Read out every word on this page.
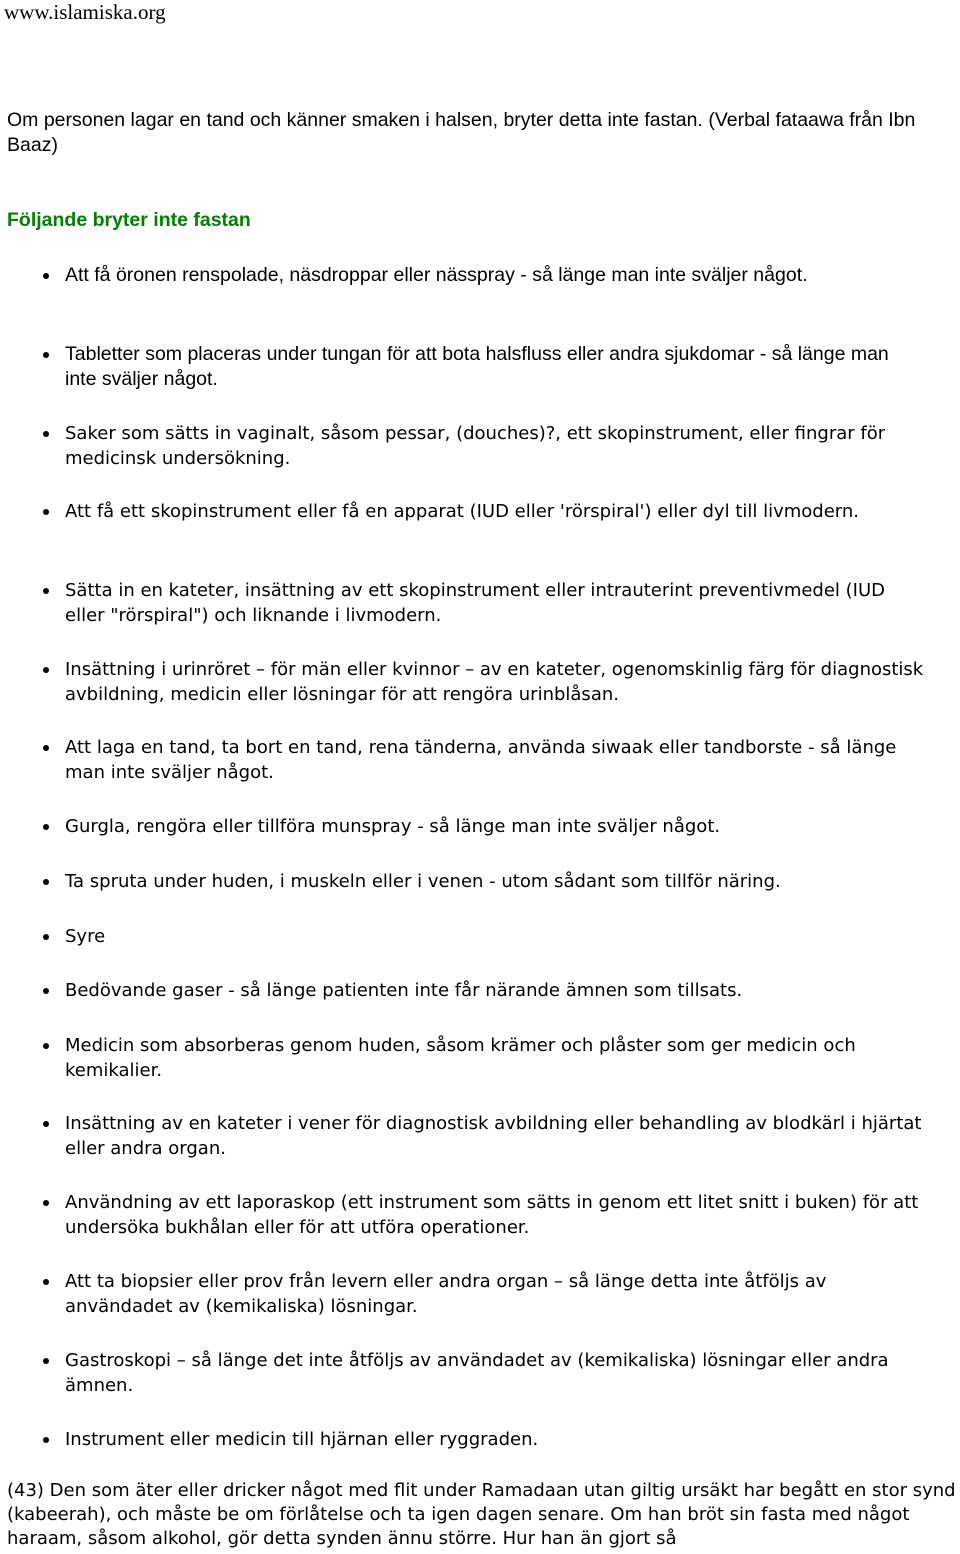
www.islamiska.org

Om personen lagar en tand och känner smaken i halsen, bryter detta inte fastan. (Verbal fataawa från Ibn Baaz)

Följande bryter inte fastan
Att få öronen renspolade, näsdroppar eller nässpray - så länge man inte sväljer något.
Tabletter som placeras under tungan för att bota halsfluss eller andra sjukdomar - så länge man inte sväljer något.
Saker som sätts in vaginalt, såsom pessar, (douches)?, ett skopinstrument, eller fingrar för medicinsk undersökning.
Att få ett skopinstrument eller få en apparat (IUD eller 'rörspiral') eller dyl till livmodern.
Sätta in en kateter, insättning av ett skopinstrument eller intrauterint preventivmedel (IUD eller "rörspiral") och liknande i livmodern.
Insättning i urinröret – för män eller kvinnor – av en kateter, ogenomskinlig färg för diagnostisk avbildning, medicin eller lösningar för att rengöra urinblåsan.
Att laga en tand, ta bort en tand, rena tänderna, använda siwaak eller tandborste - så länge man inte sväljer något.
Gurgla, rengöra eller tillföra munspray - så länge man inte sväljer något.
Ta spruta under huden, i muskeln eller i venen - utom sådant som tillför näring.
Syre
Bedövande gaser - så länge patienten inte får närande ämnen som tillsats.
Medicin som absorberas genom huden, såsom krämer och plåster som ger medicin och kemikalier.
Insättning av en kateter i vener för diagnostisk avbildning eller behandling av blodkärl i hjärtat eller andra organ.
Användning av ett laporaskop (ett instrument som sätts in genom ett litet snitt i buken) för att undersöka bukhålan eller för att utföra operationer.
Att ta biopsier eller prov från levern eller andra organ – så länge detta inte åtföljs av användadet av (kemikaliska) lösningar.
Gastroskopi – så länge det inte åtföljs av användadet av (kemikaliska) lösningar eller andra ämnen.
Instrument eller medicin till hjärnan eller ryggraden.

(43) Den som äter eller dricker något med flit under Ramadaan utan giltig ursäkt har begått en stor synd (kabeerah), och måste be om förlåtelse och ta igen dagen senare. Om han bröt sin fasta med något haraam, såsom alkohol, gör detta synden ännu större. Hur han än gjort så
